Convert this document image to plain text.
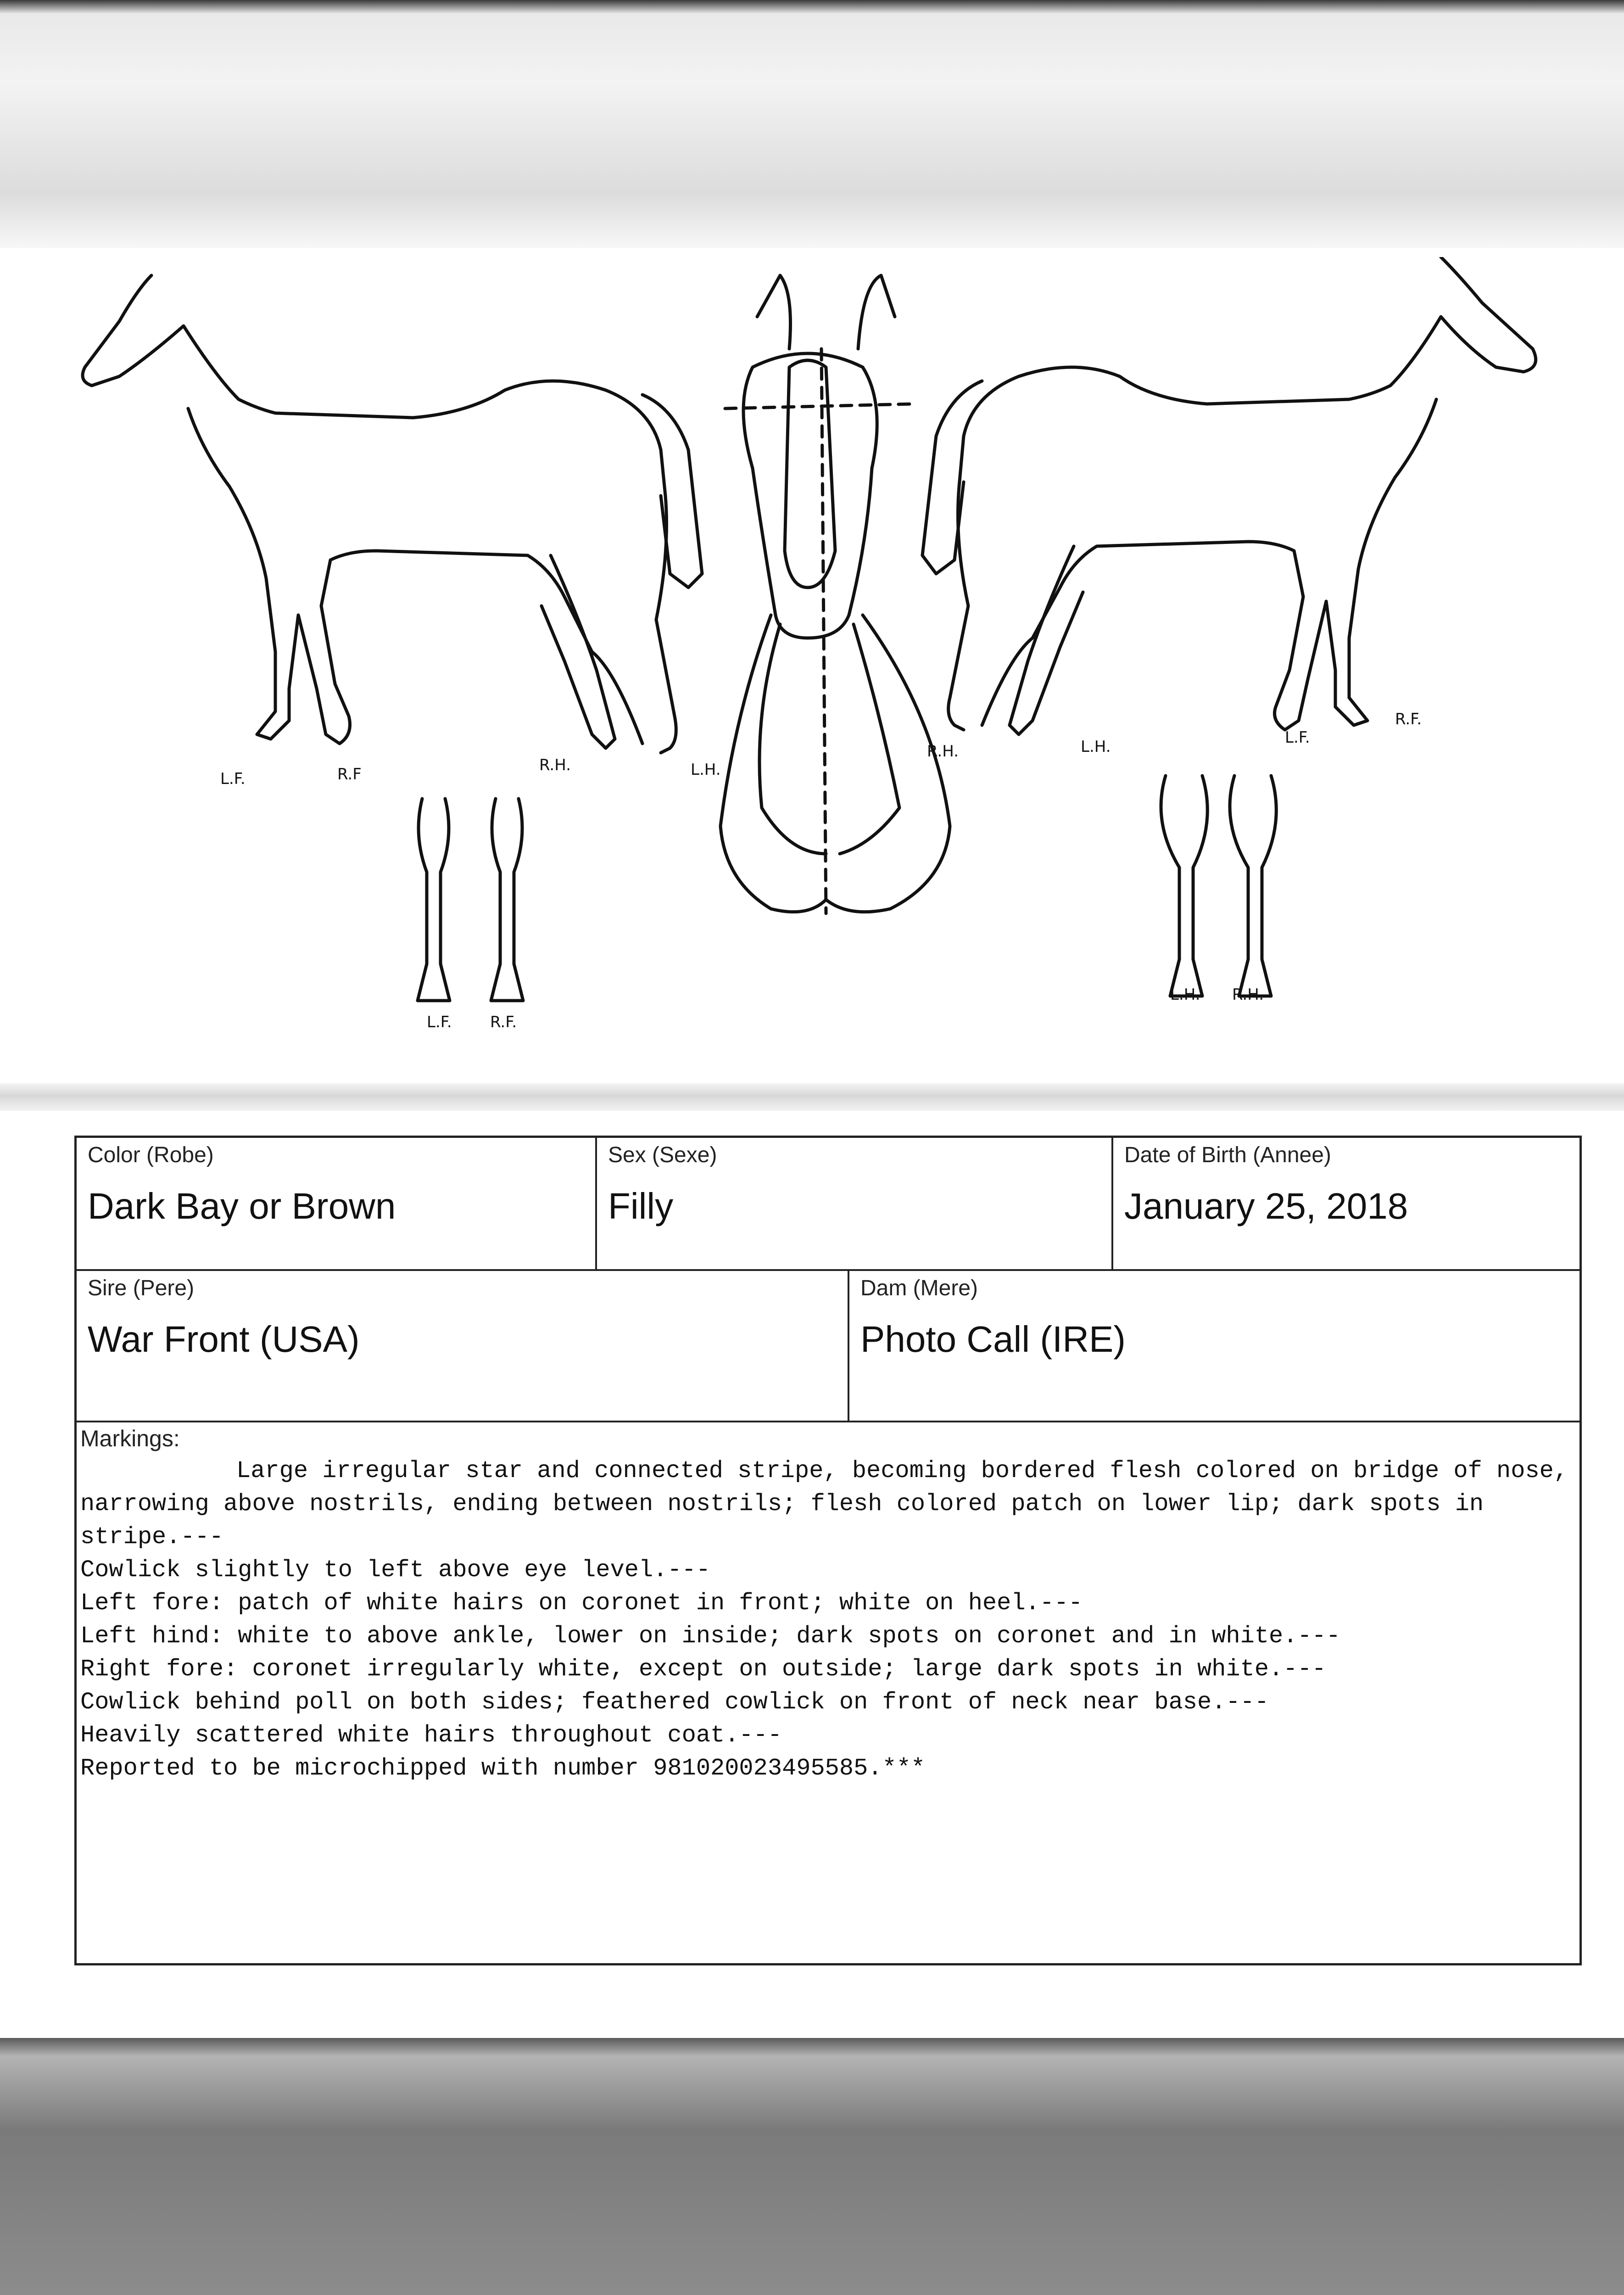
L.F.	R.F	R.H.	L.H.
R.H.	L.H.	L.F.
R.F.
L.F. R.F.
L.H. R.H.
Color (Robe)
Dark Bay or Brown
Sex (Sexe)
Filly
Date of Birth (Annee)
January 25, 2018
Sire (Pere)
War Front (USA)
Dam (Mere)
Photo Call (IRE)
Markings:
Large irregular star and connected stripe, becoming bordered flesh colored on bridge of nose, narrowing above nostrils, ending between nostrils; flesh colored patch on lower lip; dark spots in stripe.---
Cowlick slightly to left above eye level.---
Left fore: patch of white hairs on coronet in front; white on heel.---
Left hind: white to above ankle, lower on inside; dark spots on coronet and in white.---
Right fore: coronet irregularly white, except on outside; large dark spots in white.---
Cowlick behind poll on both sides; feathered cowlick on front of neck near base.---
Heavily scattered white hairs throughout coat.---
Reported to be microchipped with number 981020023495585.***
